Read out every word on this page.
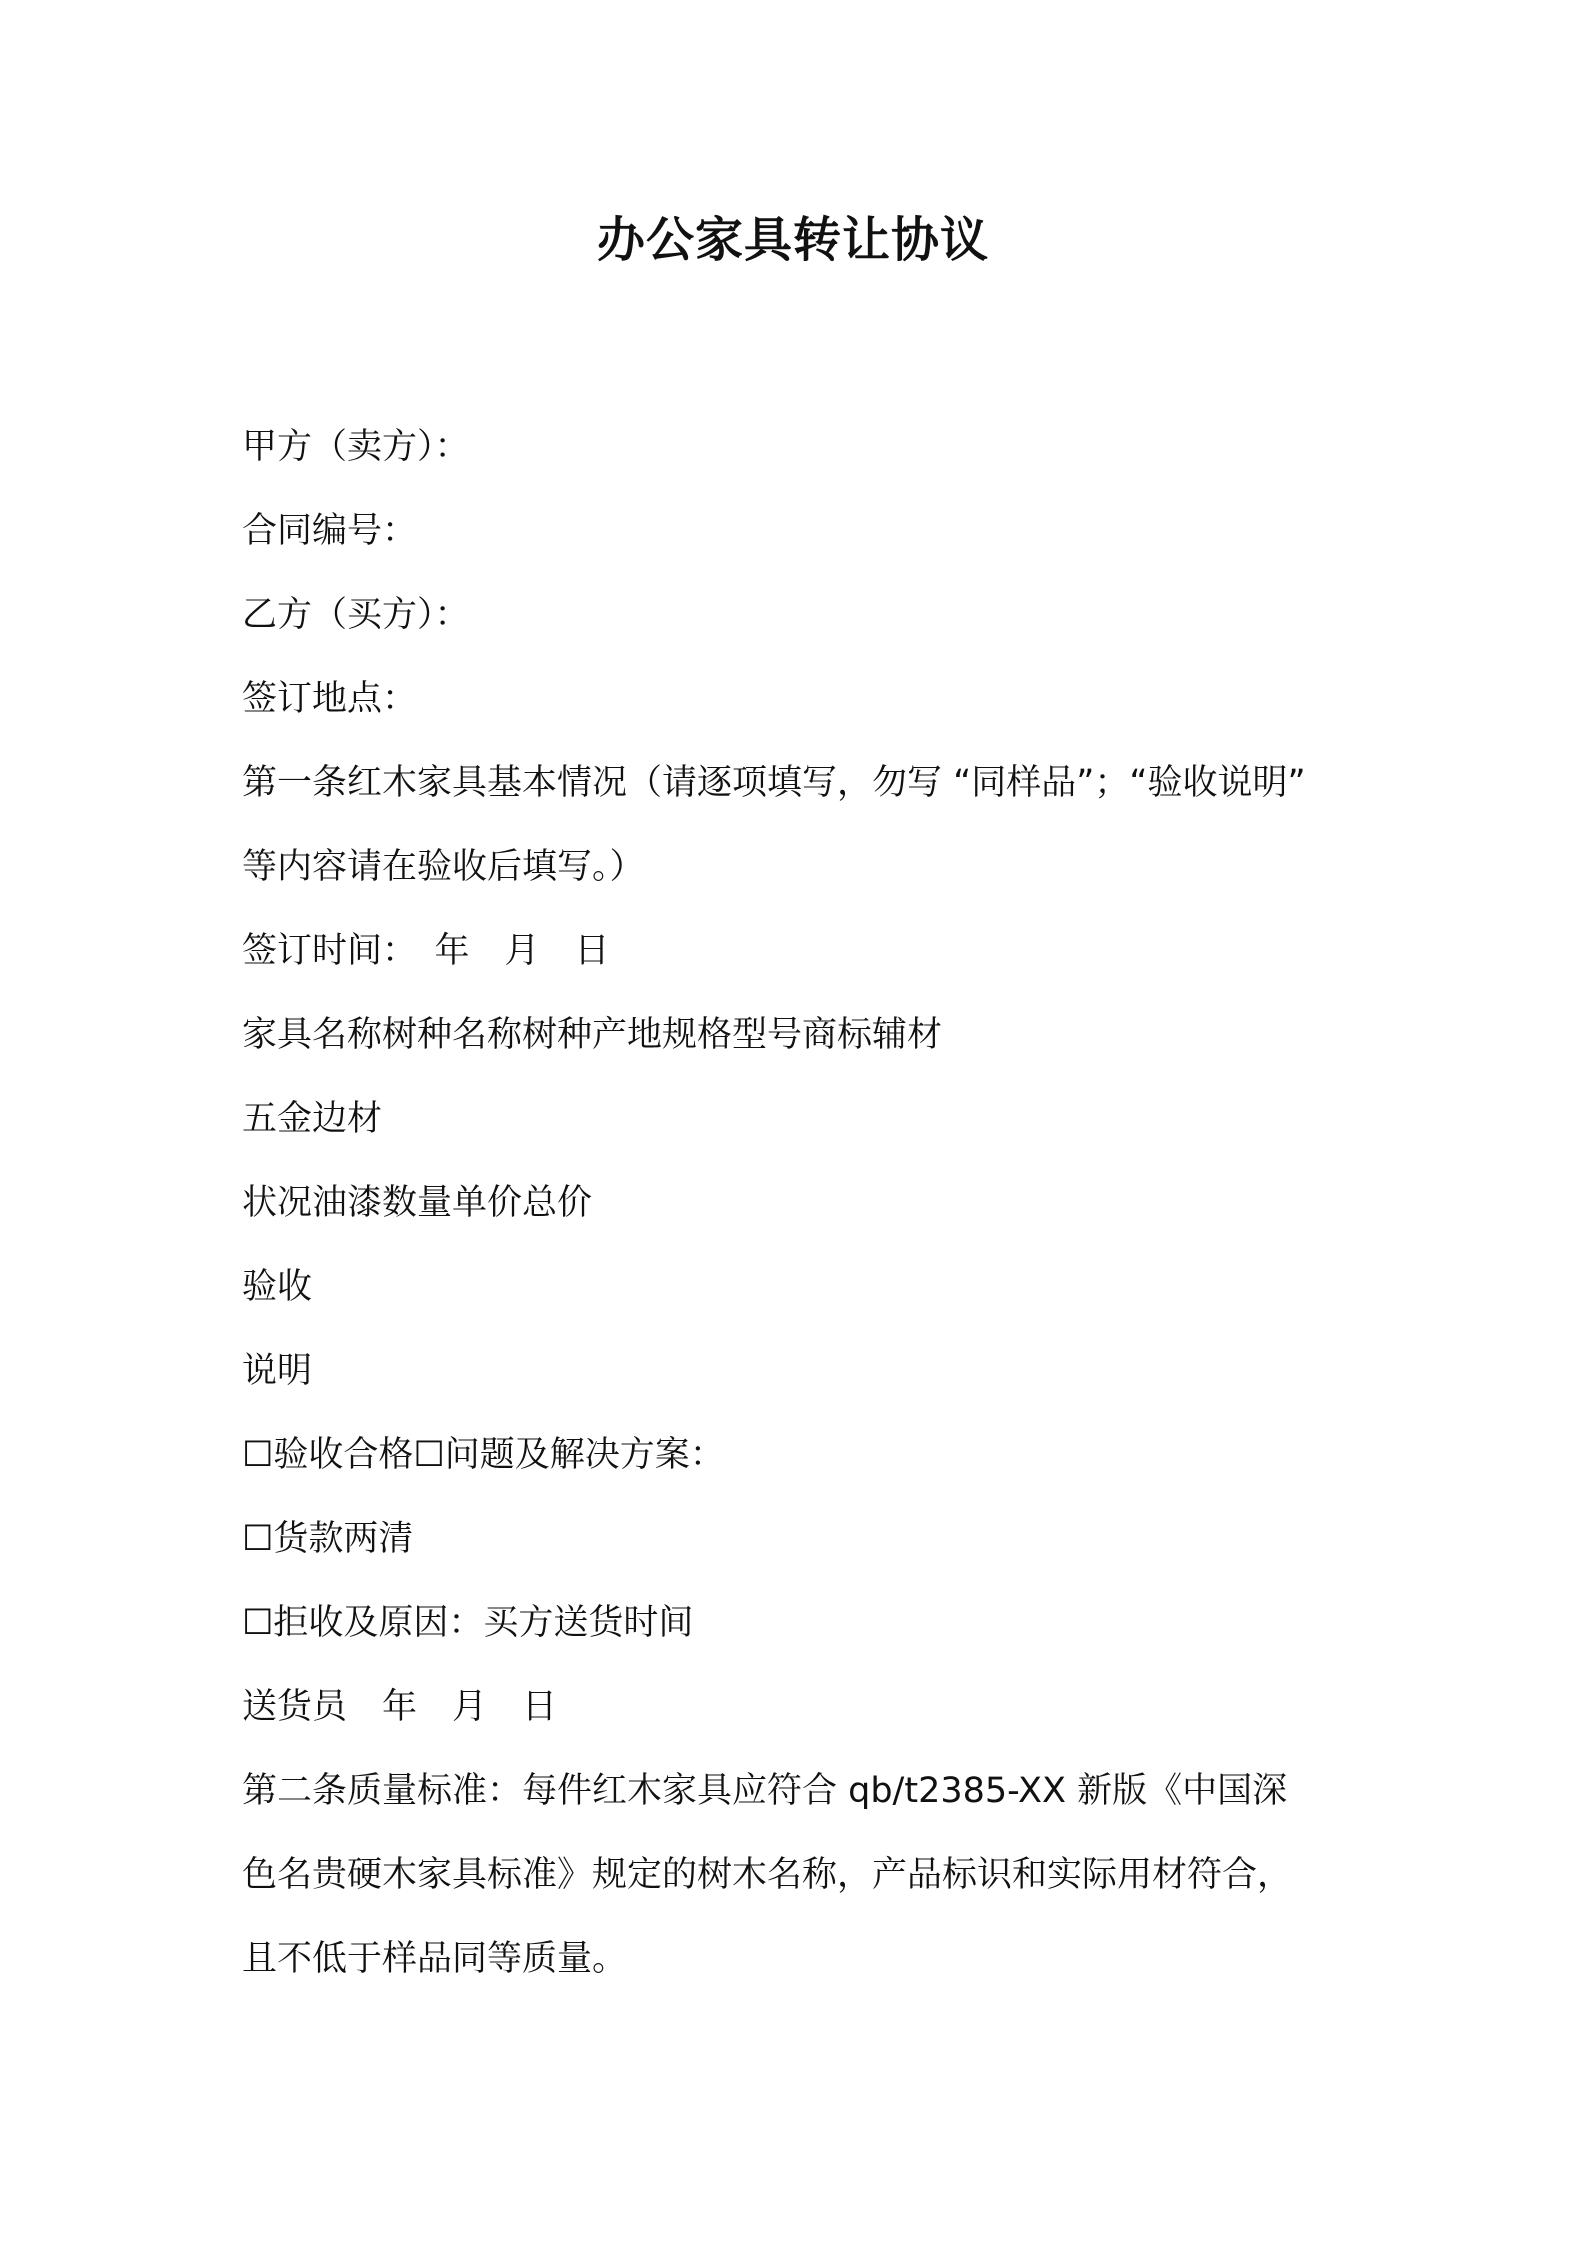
办公家具转让协议
甲方（卖方）：
合同编号：
乙方（买方）：
签订地点：
第一条红木家具基本情况（请逐项填写，勿写 “同样品”；“验收说明”
等内容请在验收后填写。）
签订时间：　年　月　日
家具名称树种名称树种产地规格型号商标辅材
五金边材
状况油漆数量单价总价
验收
说明
☐验收合格☐问题及解决方案：
☐货款两清
☐拒收及原因：买方送货时间
送货员　年　月　日
第二条质量标准：每件红木家具应符合 qb/t2385-XX 新版《中国深
色名贵硬木家具标准》规定的树木名称，产品标识和实际用材符合，
且不低于样品同等质量。
